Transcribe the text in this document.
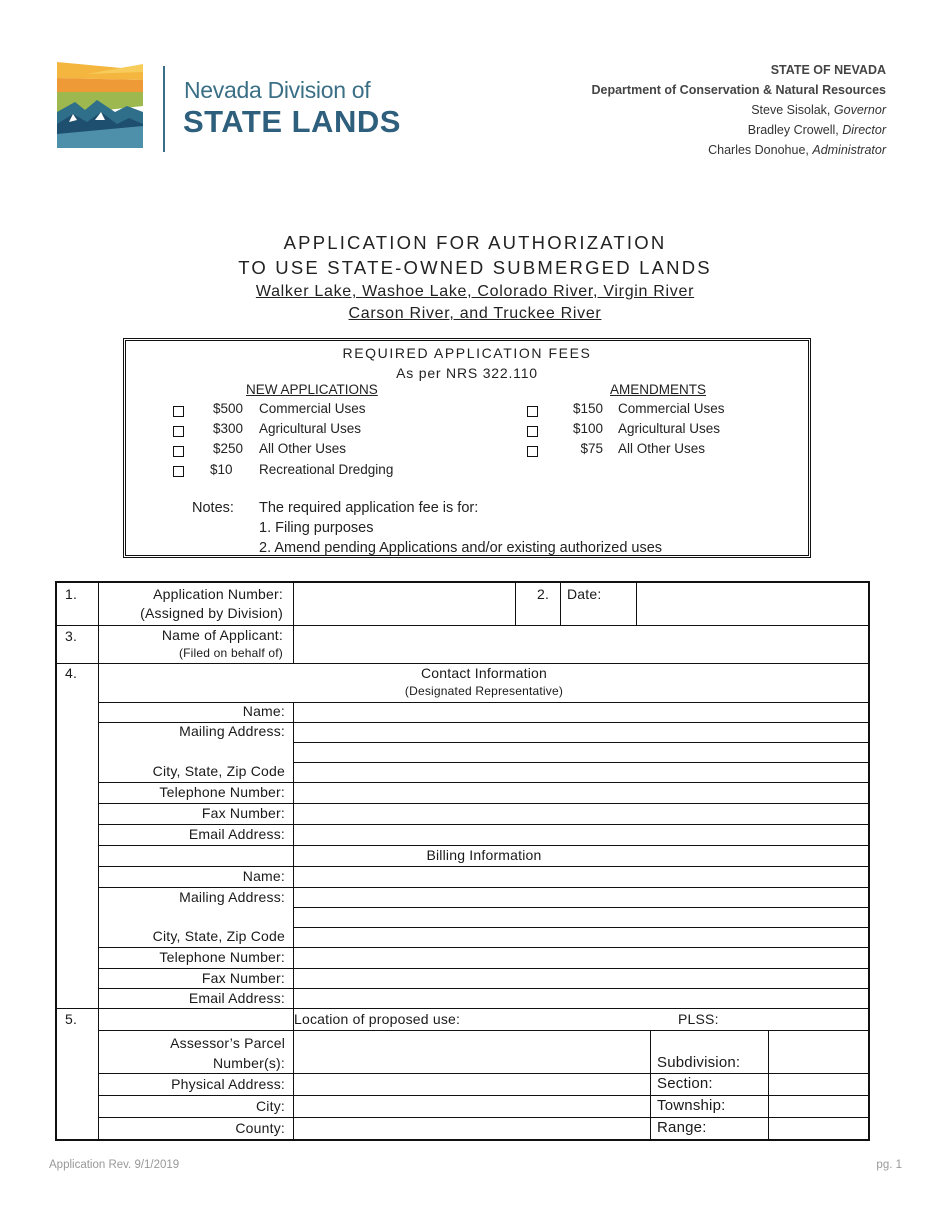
Nevada Division of
STATE LANDS
STATE OF NEVADA
Department of Conservation & Natural Resources
Steve Sisolak, Governor
Bradley Crowell, Director
Charles Donohue, Administrator
APPLICATION FOR AUTHORIZATION
TO USE STATE-OWNED SUBMERGED LANDS
Walker Lake, Washoe Lake, Colorado River, Virgin River
Carson River, and Truckee River
REQUIRED APPLICATION FEES
As per NRS 322.110
NEW APPLICATIONS	AMENDMENTS
$500 Commercial Uses
$300 Agricultural Uses
$250 All Other Uses
$10 Recreational Dredging
$150 Commercial Uses
$100 Agricultural Uses
$75 All Other Uses
Notes: The required application fee is for:
1. Filing purposes
2. Amend pending Applications and/or existing authorized uses
1.	Application Number:
(Assigned by Division)
2. Date:
3.	Name of Applicant:
(Filed on behalf of)
4.	Contact Information
(Designated Representative)
Name:
Mailing Address:
City, State, Zip Code
Telephone Number:
Fax Number:
Email Address:
Billing Information
Name:
Mailing Address:
City, State, Zip Code
Telephone Number:
Fax Number:
Email Address:
5.	Location of proposed use:	PLSS:
Assessor’s Parcel
Number(s):	Subdivision:
Physical Address:	Section:
City:	Township:
County:	Range:
Application Rev. 9/1/2019	pg. 1
